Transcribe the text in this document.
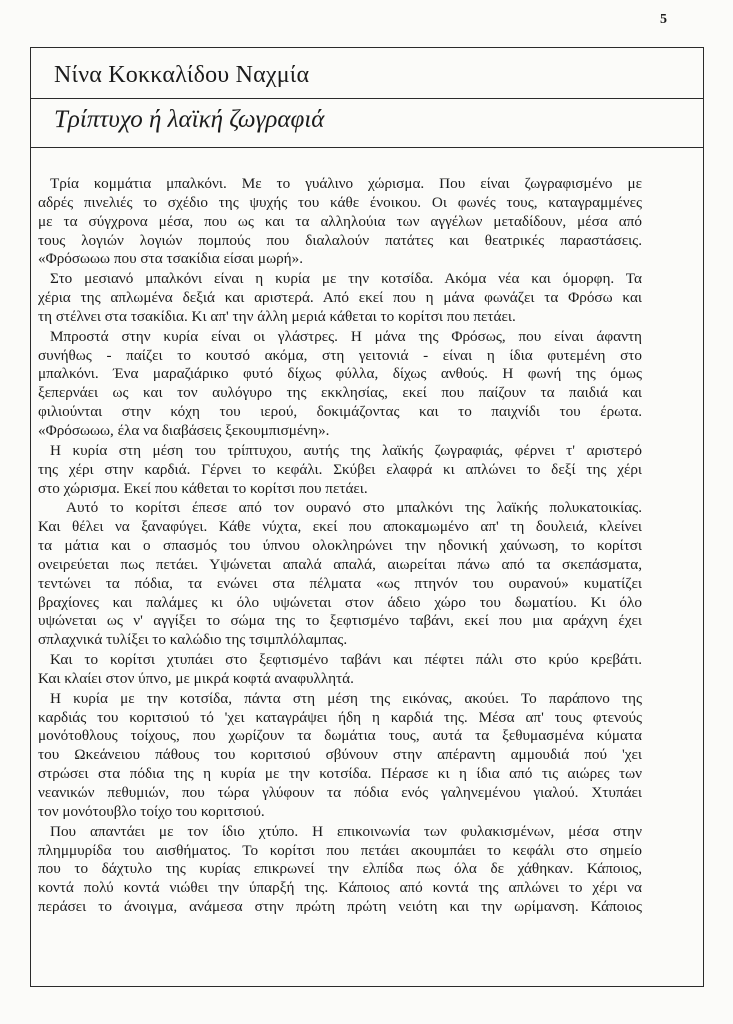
5
Νίνα Κοκκαλίδου Ναχμία
Τρίπτυχο ή λαϊκή ζωγραφιά
Τρία κομμάτια μπαλκόνι. Με το γυάλινο χώρισμα. Που είναι ζωγραφισμένο με
αδρές πινελιές το σχέδιο της ψυχής του κάθε ένοικου. Οι φωνές τους, καταγραμμένες
με τα σύγχρονα μέσα, που ως και τα αλληλούια των αγγέλων μεταδίδουν, μέσα από
τους λογιών λογιών πομπούς που διαλαλούν πατάτες και θεατρικές παραστάσεις.
«Φρόσωωω που στα τσακίδια είσαι μωρή».
Στο μεσιανό μπαλκόνι είναι η κυρία με την κοτσίδα. Ακόμα νέα και όμορφη. Τα
χέρια της απλωμένα δεξιά και αριστερά. Από εκεί που η μάνα φωνάζει τα Φρόσω και
τη στέλνει στα τσακίδια. Κι απ' την άλλη μεριά κάθεται το κορίτσι που πετάει.
Μπροστά στην κυρία είναι οι γλάστρες. Η μάνα της Φρόσως, που είναι άφαντη
συνήθως - παίζει το κουτσό ακόμα, στη γειτονιά - είναι η ίδια φυτεμένη στο
μπαλκόνι. Ένα μαραζιάρικο φυτό δίχως φύλλα, δίχως ανθούς. Η φωνή της όμως
ξεπερνάει ως και τον αυλόγυρο της εκκλησίας, εκεί που παίζουν τα παιδιά και
φιλιούνται στην κόχη του ιερού, δοκιμάζοντας και το παιχνίδι του έρωτα.
«Φρόσωωω, έλα να διαβάσεις ξεκουμπισμένη».
Η κυρία στη μέση του τρίπτυχου, αυτής της λαϊκής ζωγραφιάς, φέρνει τ' αριστερό
της χέρι στην καρδιά. Γέρνει το κεφάλι. Σκύβει ελαφρά κι απλώνει το δεξί της χέρι
στο χώρισμα. Εκεί που κάθεται το κορίτσι που πετάει.
Αυτό το κορίτσι έπεσε από τον ουρανό στο μπαλκόνι της λαϊκής πολυκατοικίας.
Και θέλει να ξαναφύγει. Κάθε νύχτα, εκεί που αποκαμωμένο απ' τη δουλειά, κλείνει
τα μάτια και ο σπασμός του ύπνου ολοκληρώνει την ηδονική χαύνωση, το κορίτσι
ονειρεύεται πως πετάει. Υψώνεται απαλά απαλά, αιωρείται πάνω από τα σκεπάσματα,
τεντώνει τα πόδια, τα ενώνει στα πέλματα «ως πτηνόν του ουρανού» κυματίζει
βραχίονες και παλάμες κι όλο υψώνεται στον άδειο χώρο του δωματίου. Κι όλο
υψώνεται ως ν' αγγίξει το σώμα της το ξεφτισμένο ταβάνι, εκεί που μια αράχνη έχει
σπλαχνικά τυλίξει το καλώδιο της τσιμπλόλαμπας.
Και το κορίτσι χτυπάει στο ξεφτισμένο ταβάνι και πέφτει πάλι στο κρύο κρεβάτι.
Και κλαίει στον ύπνο, με μικρά κοφτά αναφυλλητά.
Η κυρία με την κοτσίδα, πάντα στη μέση της εικόνας, ακούει. Το παράπονο της
καρδιάς του κοριτσιού τό 'χει καταγράψει ήδη η καρδιά της. Μέσα απ' τους φτενούς
μονότοθλους τοίχους, που χωρίζουν τα δωμάτια τους, αυτά τα ξεθυμασμένα κύματα
του Ωκεάνειου πάθους του κοριτσιού σβύνουν στην απέραντη αμμουδιά πού 'χει
στρώσει στα πόδια της η κυρία με την κοτσίδα. Πέρασε κι η ίδια από τις αιώρες των
νεανικών πεθυμιών, που τώρα γλύφουν τα πόδια ενός γαληνεμένου γιαλού. Χτυπάει
τον μονότουβλο τοίχο του κοριτσιού.
Που απαντάει με τον ίδιο χτύπο. Η επικοινωνία των φυλακισμένων, μέσα στην
πλημμυρίδα του αισθήματος. Το κορίτσι που πετάει ακουμπάει το κεφάλι στο σημείο
που το δάχτυλο της κυρίας επικρωνεί την ελπίδα πως όλα δε χάθηκαν. Κάποιος,
κοντά πολύ κοντά νιώθει την ύπαρξή της. Κάποιος από κοντά της απλώνει το χέρι να
περάσει το άνοιγμα, ανάμεσα στην πρώτη πρώτη νειότη και την ωρίμανση. Κάποιος
